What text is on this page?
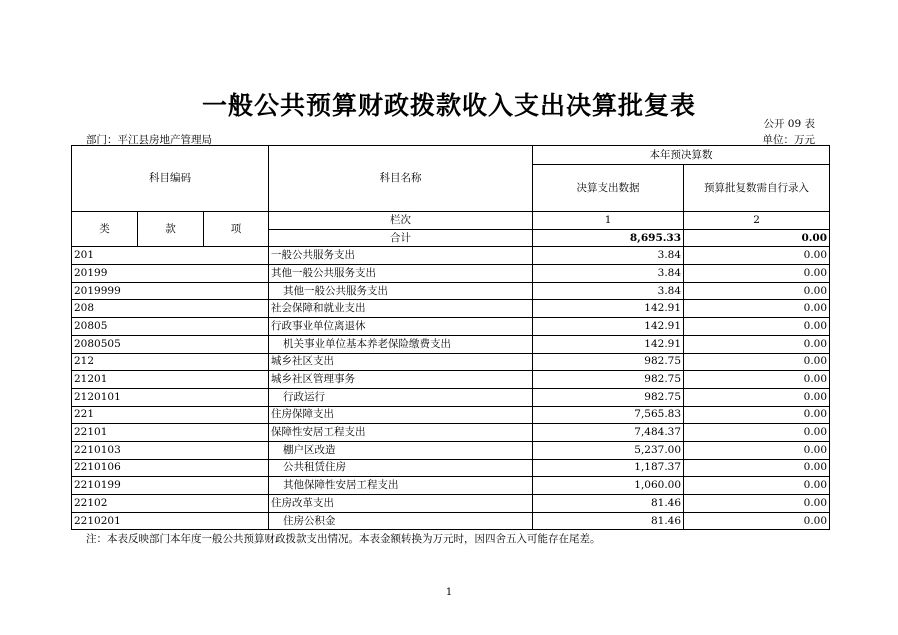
一般公共预算财政拨款收入支出决算批复表
公开 09 表
部门：平江县房地产管理局	单位：万元
科目编码			科目名称	本年预决算数	
				决算支出数据	预算批复数需自行录入
类	款	项	栏次	1	2
			合计	8,695.33	0.00
201			一般公共服务支出	3.84	0.00
20199			其他一般公共服务支出	3.84	0.00
2019999			其他一般公共服务支出	3.84	0.00
208			社会保障和就业支出	142.91	0.00
20805			行政事业单位离退休	142.91	0.00
2080505			机关事业单位基本养老保险缴费支出	142.91	0.00
212			城乡社区支出	982.75	0.00
21201			城乡社区管理事务	982.75	0.00
2120101			行政运行	982.75	0.00
221			住房保障支出	7,565.83	0.00
22101			保障性安居工程支出	7,484.37	0.00
2210103			棚户区改造	5,237.00	0.00
2210106			公共租赁住房	1,187.37	0.00
2210199			其他保障性安居工程支出	1,060.00	0.00
22102			住房改革支出	81.46	0.00
2210201			住房公积金	81.46	0.00
注：本表反映部门本年度一般公共预算财政拨款支出情况。本表金额转换为万元时，因四舍五入可能存在尾差。
1
